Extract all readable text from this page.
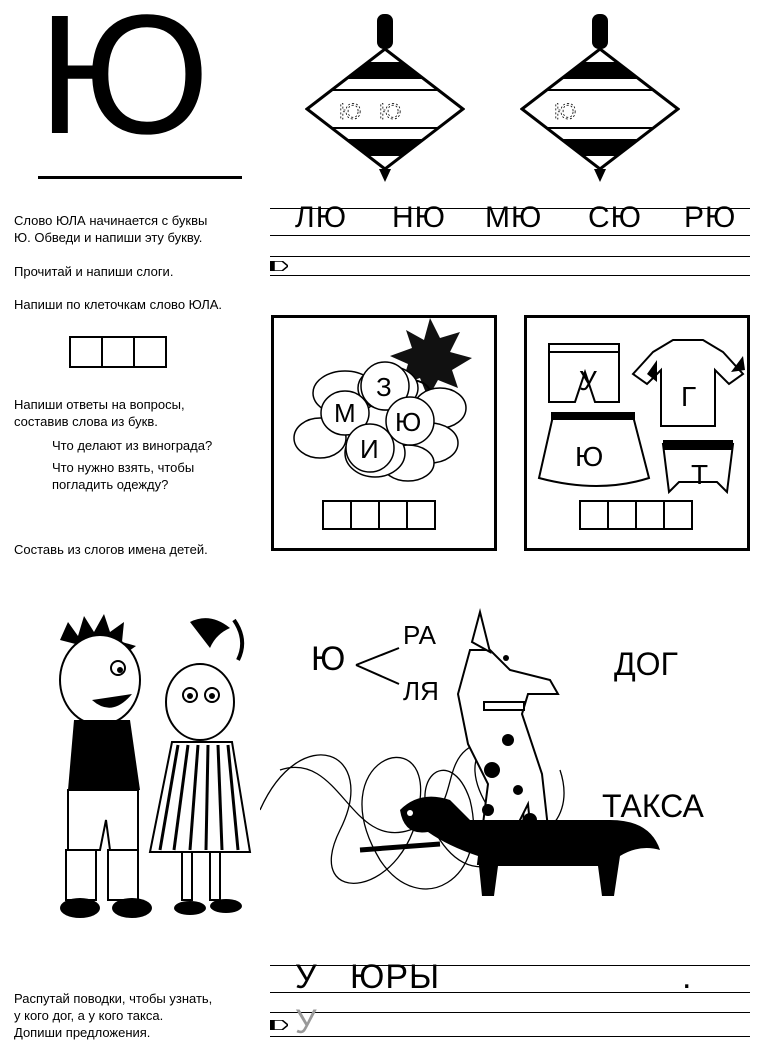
Ю	Ю Ю	Ю
Слово ЮЛА начинается с буквы
Ю. Обведи и напиши эту букву.
Прочитай и напиши слоги.
Напиши по клеточкам слово ЮЛА.
Напиши ответы на вопросы,
составив слова из букв.
Что делают из винограда?
Что нужно взять, чтобы
погладить одежду?
Составь из слогов имена детей.
Распутай поводки, чтобы узнать,
у кого дог, а у кого такса.
Допиши предложения.
ЛЮ НЮ МЮ СЮ РЮ
М
З
Ю
И
У
Г
Ю
Т
Ю
РА
ЛЯ
ДОГ
ТАКСА
У ЮРЫ	.
У
